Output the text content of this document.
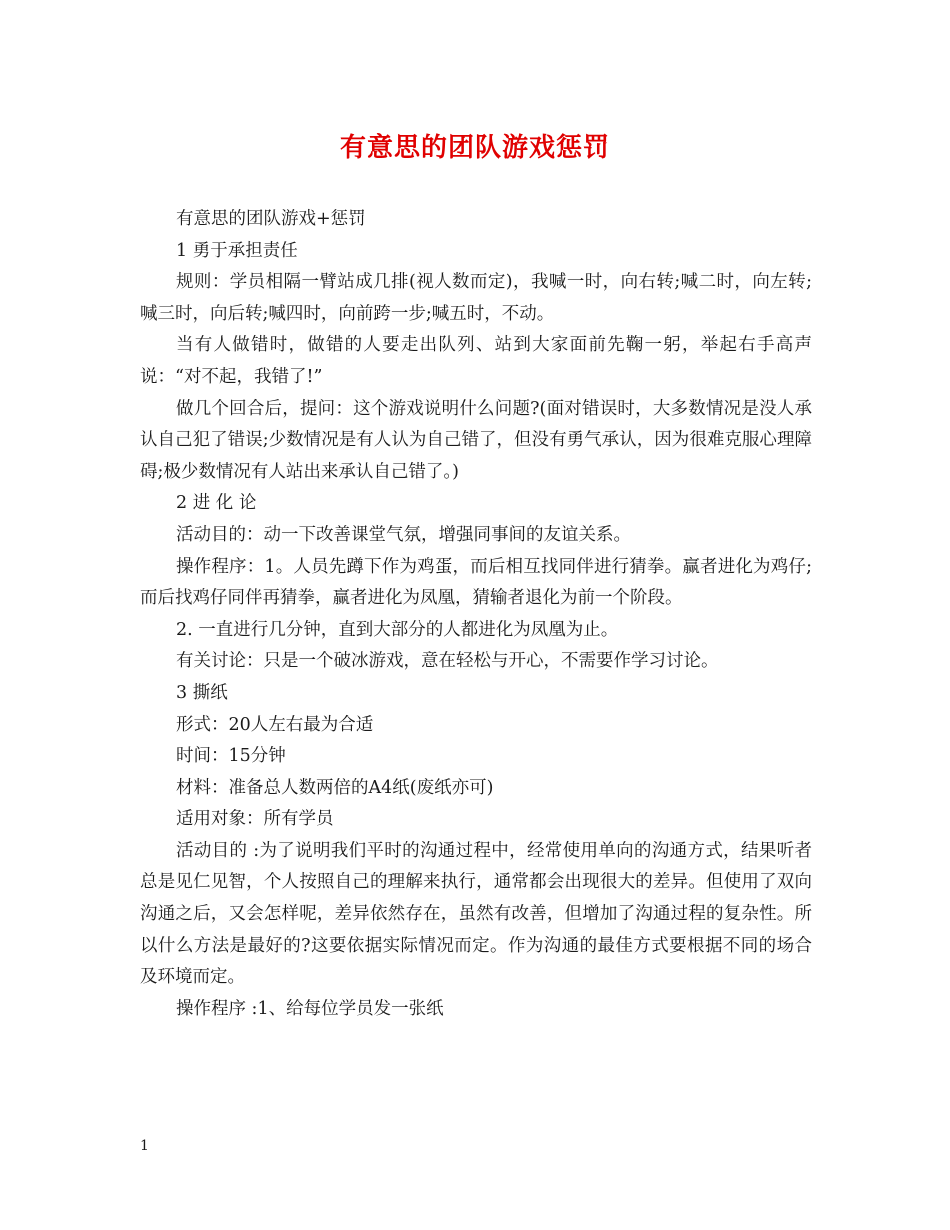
有意思的团队游戏惩罚

有意思的团队游戏+惩罚

1 勇于承担责任

规则：学员相隔一臂站成几排(视人数而定)，我喊一时，向右转;喊二时，向左转;喊三时，向后转;喊四时，向前跨一步;喊五时，不动。

当有人做错时，做错的人要走出队列、站到大家面前先鞠一躬，举起右手高声说：“对不起，我错了!”

做几个回合后，提问：这个游戏说明什么问题?(面对错误时，大多数情况是没人承认自己犯了错误;少数情况是有人认为自己错了，但没有勇气承认，因为很难克服心理障碍;极少数情况有人站出来承认自己错了。)

2 进 化 论

活动目的：动一下改善课堂气氛，增强同事间的友谊关系。

操作程序：1。人员先蹲下作为鸡蛋，而后相互找同伴进行猜拳。赢者进化为鸡仔;而后找鸡仔同伴再猜拳，赢者进化为凤凰，猜输者退化为前一个阶段。

2. 一直进行几分钟，直到大部分的人都进化为凤凰为止。

有关讨论：只是一个破冰游戏，意在轻松与开心，不需要作学习讨论。

3 撕纸

形式：20人左右最为合适

时间：15分钟

材料：准备总人数两倍的A4纸(废纸亦可)

适用对象：所有学员

活动目的 :为了说明我们平时的沟通过程中，经常使用单向的沟通方式，结果听者总是见仁见智，个人按照自己的理解来执行，通常都会出现很大的差异。但使用了双向沟通之后，又会怎样呢，差异依然存在，虽然有改善，但增加了沟通过程的复杂性。所以什么方法是最好的?这要依据实际情况而定。作为沟通的最佳方式要根据不同的场合及环境而定。

操作程序 :1、给每位学员发一张纸

1
